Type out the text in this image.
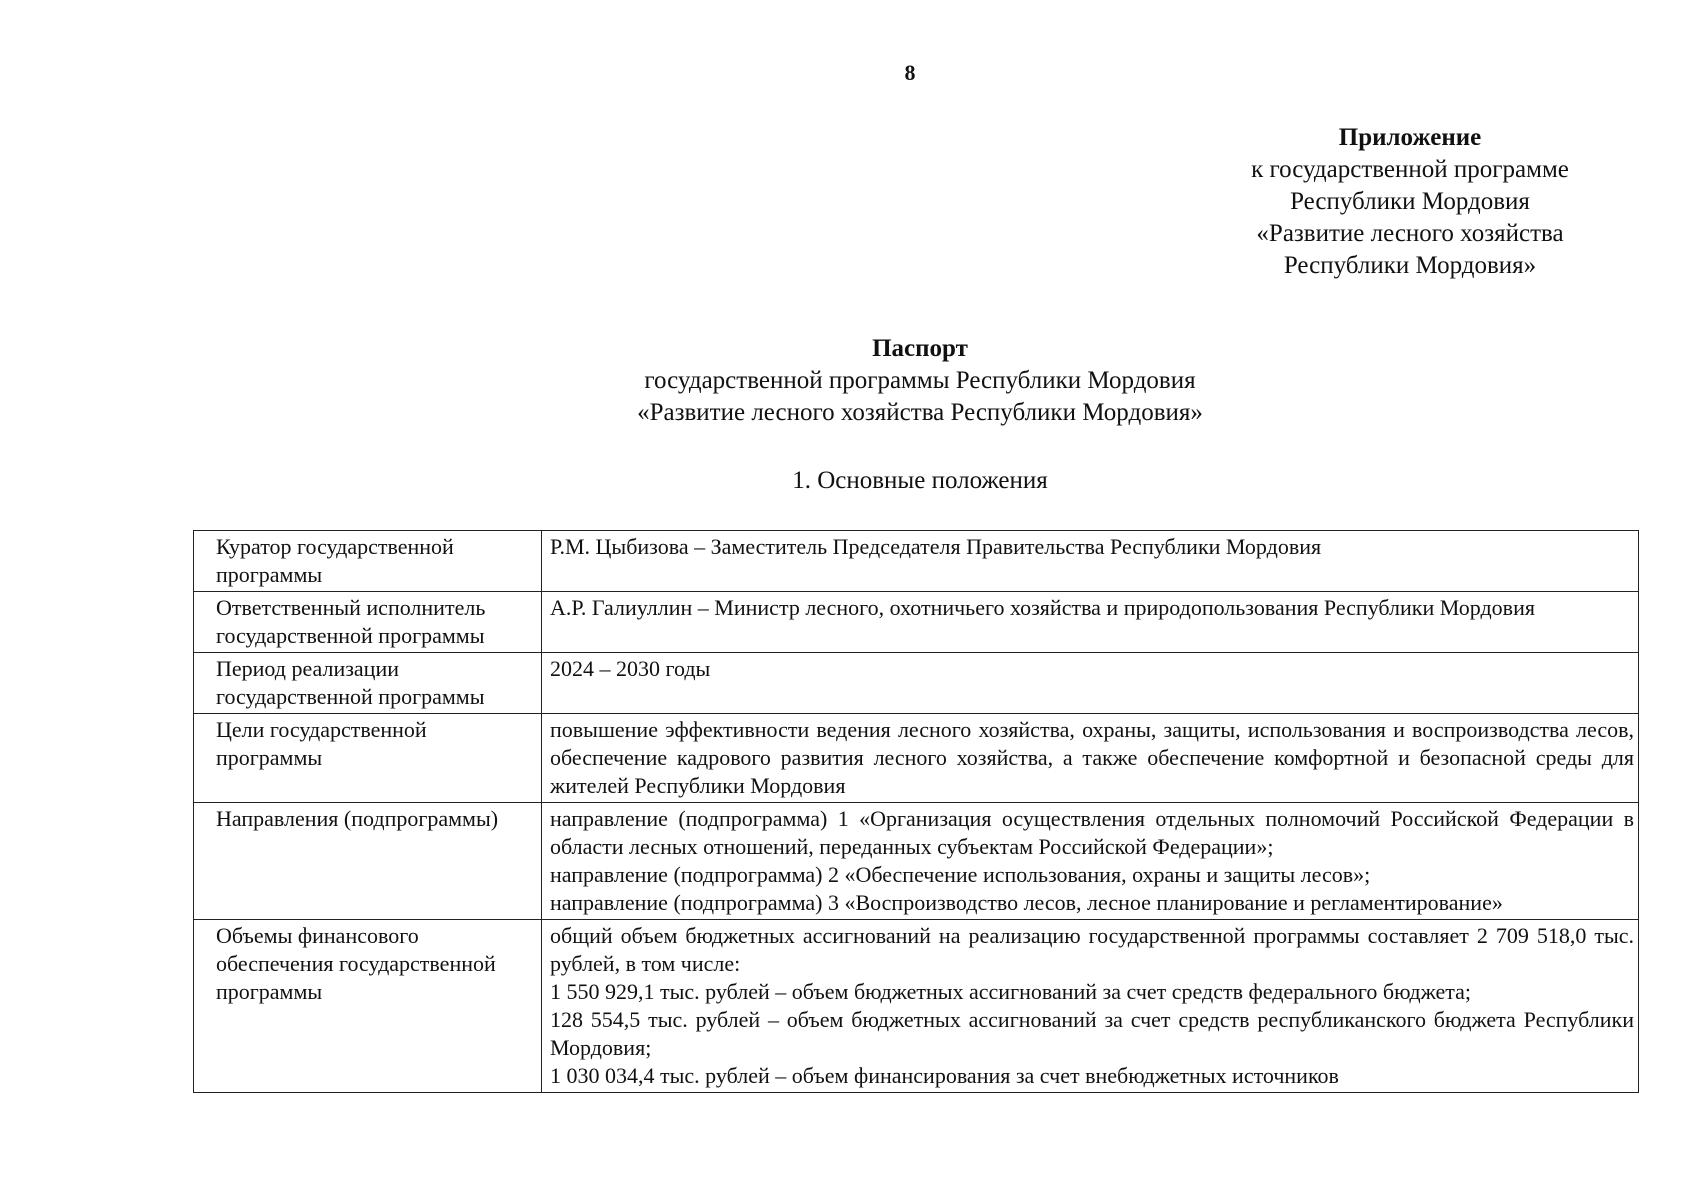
8
Приложение
к государственной программе
Республики Мордовия
«Развитие лесного хозяйства
Республики Мордовия»
Паспорт
государственной программы Республики Мордовия
«Развитие лесного хозяйства Республики Мордовия»
1. Основные положения
Куратор государственной программы	Р.М. Цыбизова – Заместитель Председателя Правительства Республики Мордовия

Ответственный исполнитель государственной программы	А.Р. Галиуллин – Министр лесного, охотничьего хозяйства и природопользования Республики Мордовия

Период реализации государственной программы	2024 – 2030 годы

Цели государственной программы	повышение эффективности ведения лесного хозяйства, охраны, защиты, использования и воспроизводства лесов, обеспечение кадрового развития лесного хозяйства, а также обеспечение комфортной и безопасной среды для жителей Республики Мордовия

Направления (подпрограммы)	направление (подпрограмма) 1 «Организация осуществления отдельных полномочий Российской Федерации в области лесных отношений, переданных субъектам Российской Федерации»;
направление (подпрограмма) 2 «Обеспечение использования, охраны и защиты лесов»;
направление (подпрограмма) 3 «Воспроизводство лесов, лесное планирование и регламентирование»

Объемы финансового обеспечения государственной программы	общий объем бюджетных ассигнований на реализацию государственной программы составляет 2 709 518,0 тыс. рублей, в том числе:
1 550 929,1 тыс. рублей – объем бюджетных ассигнований за счет средств федерального бюджета;
128 554,5 тыс. рублей – объем бюджетных ассигнований за счет средств республиканского бюджета Республики Мордовия;
1 030 034,4 тыс. рублей – объем финансирования за счет внебюджетных источников
